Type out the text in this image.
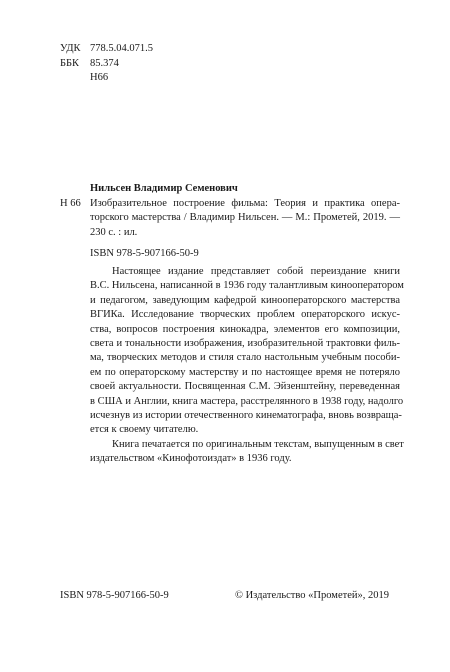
УДК 778.5.04.071.5
ББК	85.374
Н66
Нильсен Владимир Семенович
Н 66 Изобразительное построение фильма: Теория и практика опера-
торского мастерства / Владимир Нильсен. — М.: Прометей, 2019. —
230 с. : ил.
ISBN 978-5-907166-50-9
Настоящее издание представляет собой переиздание книги
В.С. Нильсена, написанной в 1936 году талантливым кинооператором
и педагогом, заведующим кафедрой кинооператорского мастерства
ВГИКа. Исследование творческих проблем операторского искус-
ства, вопросов построения кинокадра, элементов его композиции,
света и тональности изображения, изобразительной трактовки филь-
ма, творческих методов и стиля стало настольным учебным пособи-
ем по операторскому мастерству и по настоящее время не потеряло
своей актуальности. Посвященная С.М. Эйзенштейну, переведенная
в США и Англии, книга мастера, расстрелянного в 1938 году, надолго
исчезнув из истории отечественного кинематографа, вновь возвраща-
ется к своему читателю.
Книга печатается по оригинальным текстам, выпущенным в свет
издательством «Кинофотоиздат» в 1936 году.
ISBN 978-5-907166-50-9	© Издательство «Прометей», 2019
